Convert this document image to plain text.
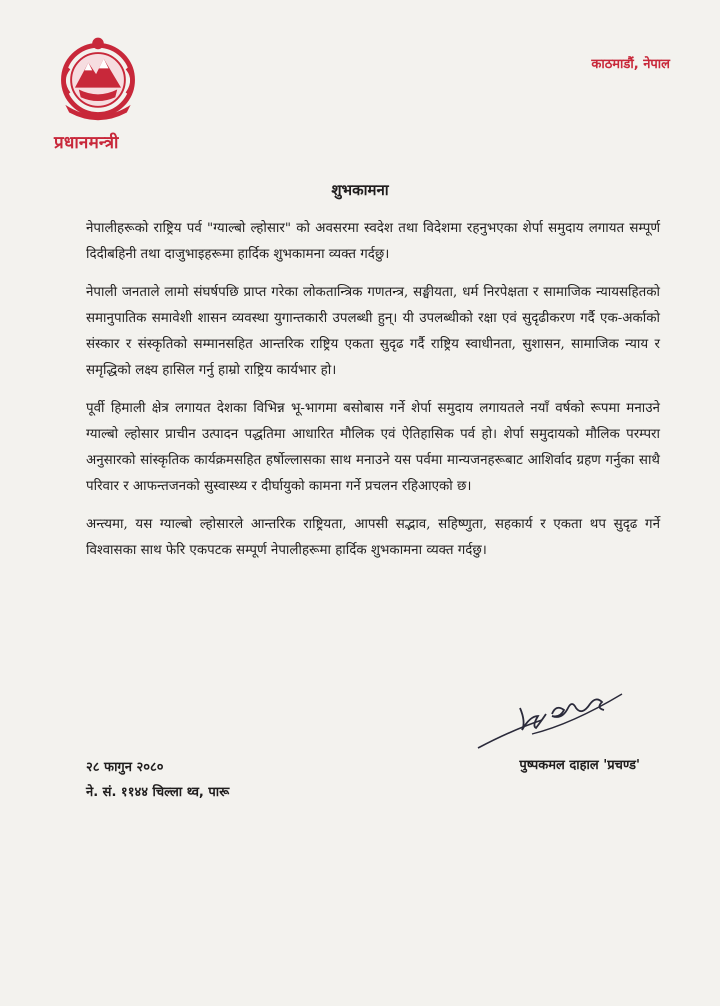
प्रधानमन्त्री
काठमाडौं, नेपाल
शुभकामना

नेपालीहरूको राष्ट्रिय पर्व "ग्याल्बो ल्होसार" को अवसरमा स्वदेश तथा विदेशमा रहनुभएका शेर्पा समुदाय लगायत सम्पूर्ण दिदीबहिनी तथा दाजुभाइहरूमा हार्दिक शुभकामना व्यक्त गर्दछु।

नेपाली जनताले लामो संघर्षपछि प्राप्त गरेका लोकतान्त्रिक गणतन्त्र, सङ्घीयता, धर्म निरपेक्षता र सामाजिक न्यायसहितको समानुपातिक समावेशी शासन व्यवस्था युगान्तकारी उपलब्धी हुन्। यी उपलब्धीको रक्षा एवं सुदृढीकरण गर्दै एक-अर्काको संस्कार र संस्कृतिको सम्मानसहित आन्तरिक राष्ट्रिय एकता सुदृढ गर्दै राष्ट्रिय स्वाधीनता, सुशासन, सामाजिक न्याय र समृद्धिको लक्ष्य हासिल गर्नु हाम्रो राष्ट्रिय कार्यभार हो।

पूर्वी हिमाली क्षेत्र लगायत देशका विभिन्न भू-भागमा बसोबास गर्ने शेर्पा समुदाय लगायतले नयाँ वर्षको रूपमा मनाउने ग्याल्बो ल्होसार प्राचीन उत्पादन पद्धतिमा आधारित मौलिक एवं ऐतिहासिक पर्व हो। शेर्पा समुदायको मौलिक परम्परा अनुसारको सांस्कृतिक कार्यक्रमसहित हर्षोल्लासका साथ मनाउने यस पर्वमा मान्यजनहरूबाट आशिर्वाद ग्रहण गर्नुका साथै परिवार र आफन्तजनको सुस्वास्थ्य र दीर्घायुको कामना गर्ने प्रचलन रहिआएको छ।

अन्त्यमा, यस ग्याल्बो ल्होसारले आन्तरिक राष्ट्रियता, आपसी सद्भाव, सहिष्णुता, सहकार्य र एकता थप सुदृढ गर्ने विश्वासका साथ फेरि एकपटक सम्पूर्ण नेपालीहरूमा हार्दिक शुभकामना व्यक्त गर्दछु।

पुष्पकमल दाहाल 'प्रचण्ड'
२८ फागुन २०८०
ने. सं. ११४४ चिल्ला थ्व, पारू
